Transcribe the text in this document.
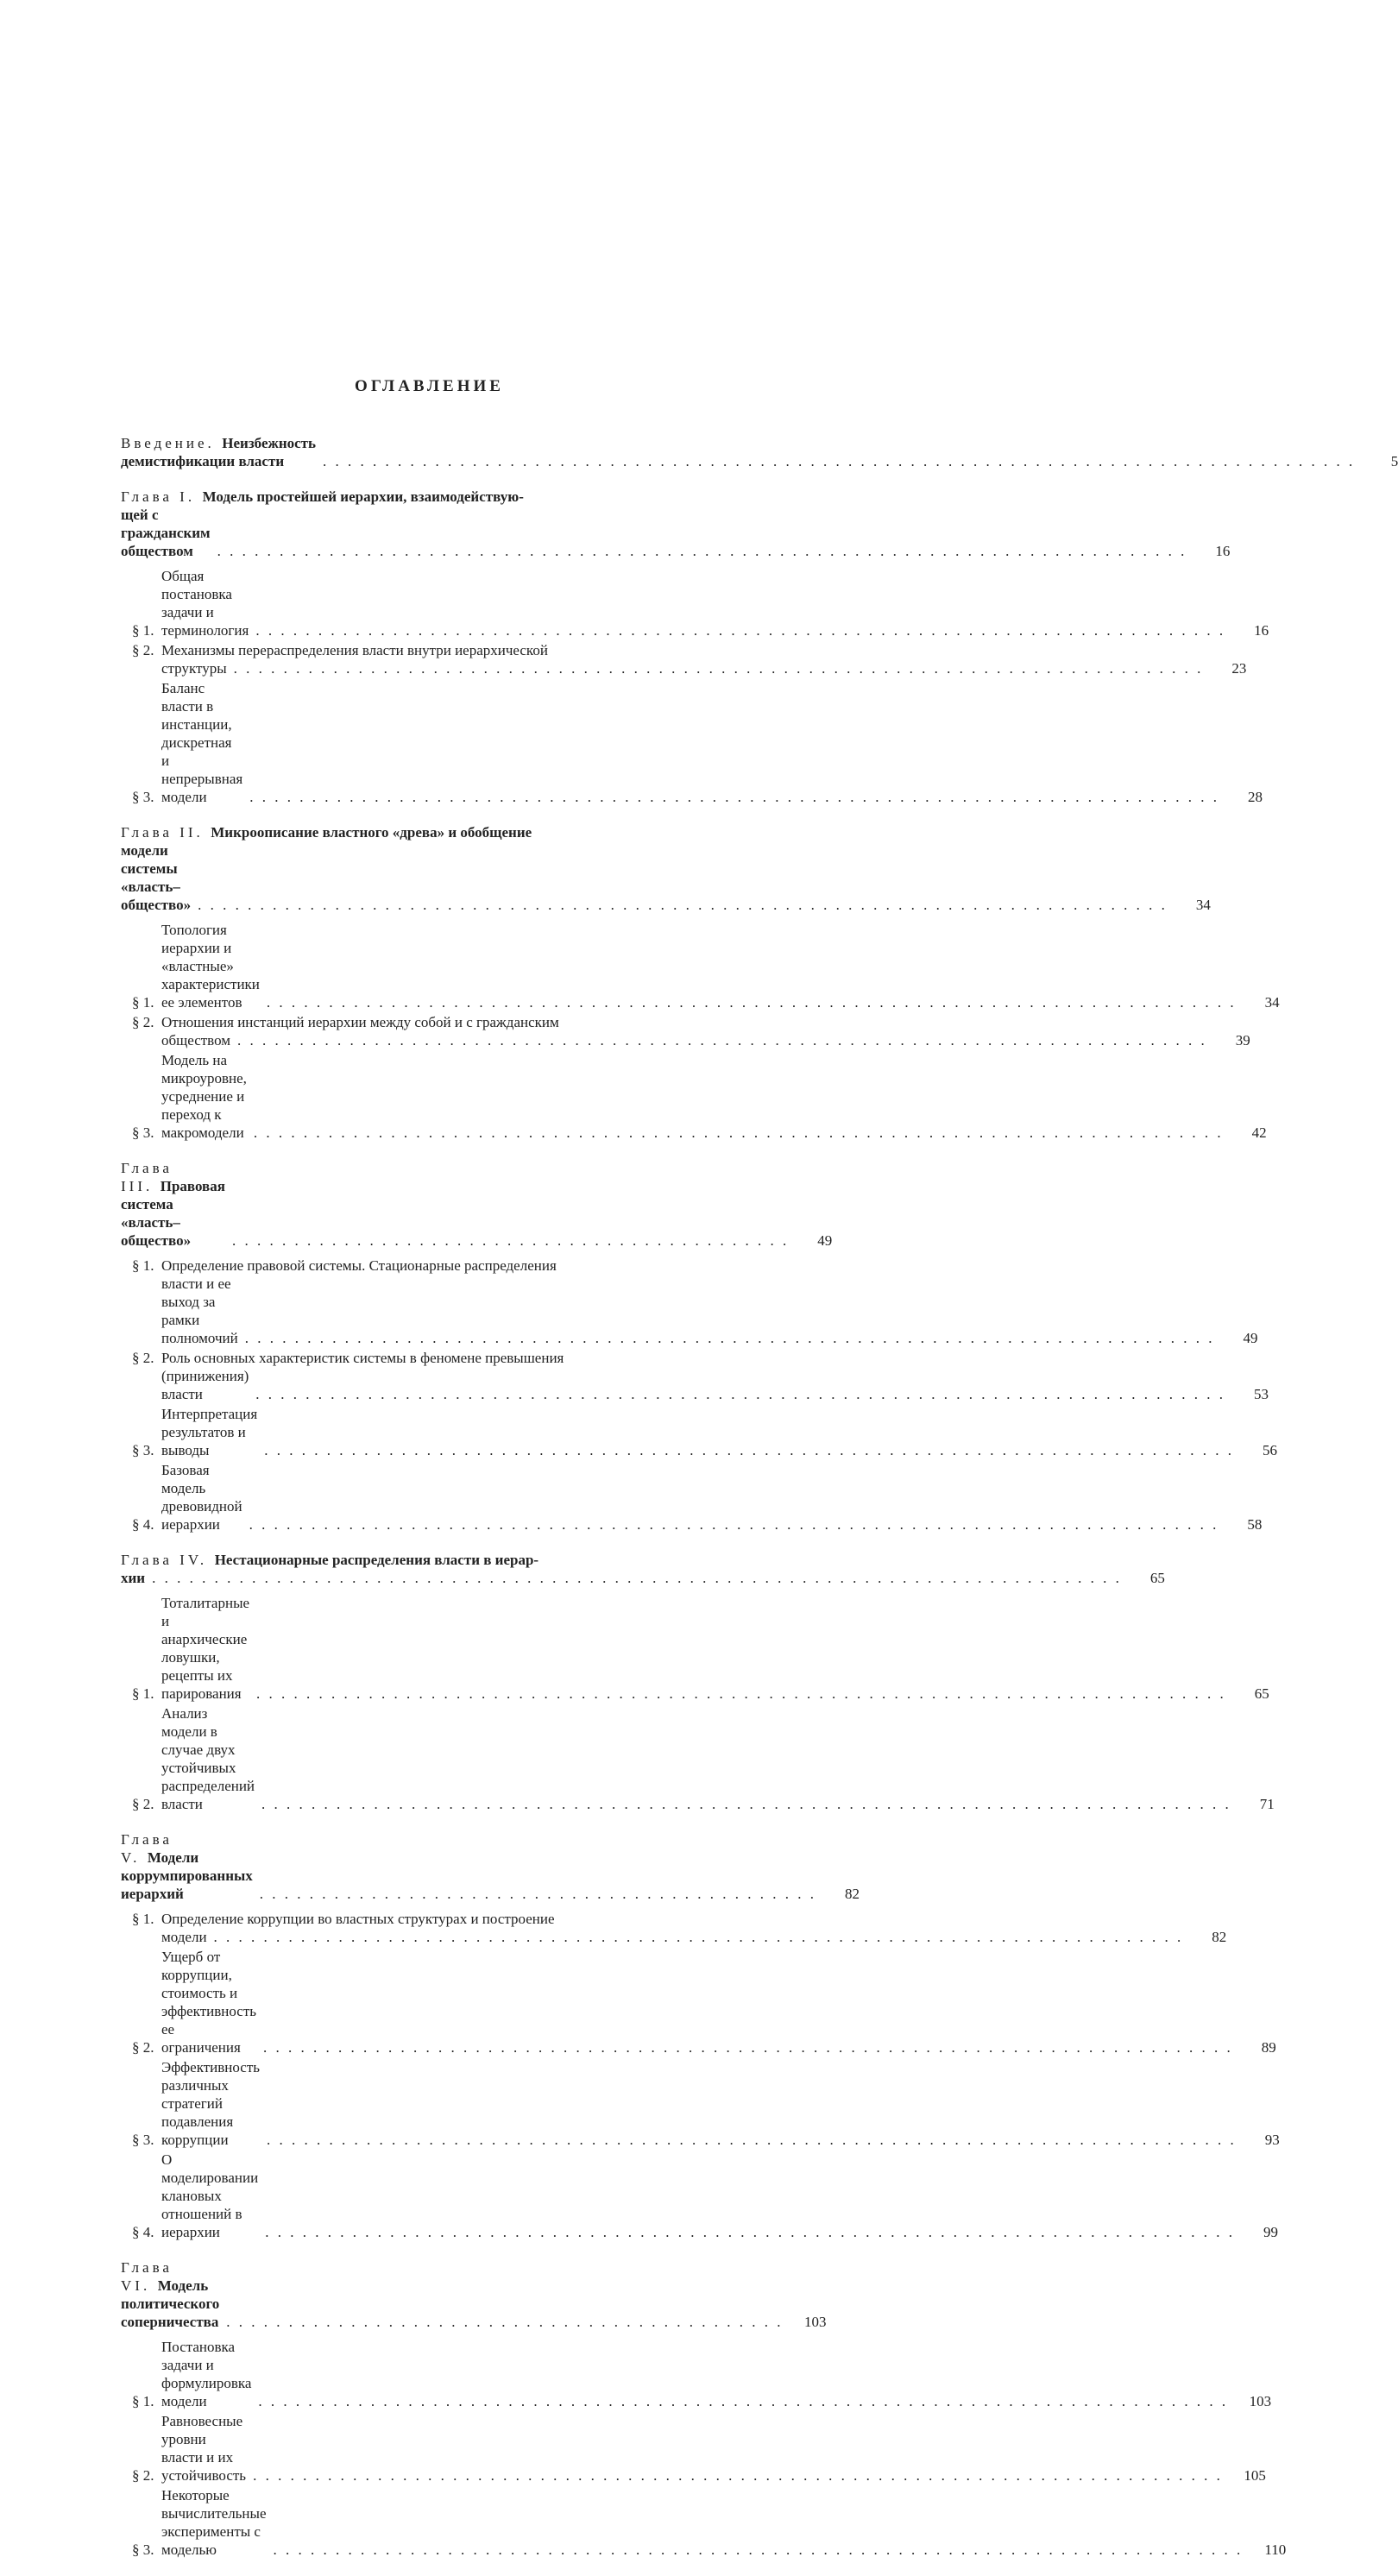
ОГЛАВЛЕНИЕ
Введение. Неизбежность демистификации власти . . .	5
Глава I. Модель простейшей иерархии, взаимодействую-
щей с гражданским обществом . . .	16
§ 1.
Общая постановка задачи и терминология . . .	16
§ 2. Механизмы перераспределения власти внутри иерархической
структуры . . .	23
§ 3.
Баланс власти в инстанции, дискретная и непрерывная модели . . .	28
Глава II. Микроописание властного «древа» и обобщение
модели системы «власть–общество» . . .	34
§ 1.
Топология иерархии и «властные» характеристики ее элементов . . .	34
§ 2. Отношения инстанций иерархии между собой и с гражданским
обществом . . .	39
§ 3.
Модель на микроуровне, усреднение и переход к макромодели . . .	42
Глава III. Правовая система «власть–общество»	. . . . . . . . . . . . . . . . . . . . . . . . . . . . . . . . . . . . . . . . . . . . .	49
§ 1. Определение правовой системы. Стационарные распределения
власти и ее выход за рамки полномочий . . .	49
§ 2. Роль основных характеристик системы в феномене превышения
(принижения) власти . . .	53
§ 3.
Интерпретация результатов и выводы . . .	56
§ 4.
Базовая модель древовидной иерархии . . .	58
Глава IV. Нестационарные распределения власти в иерар-
хии . . .	65
§ 1.
Тоталитарные и анархические ловушки, рецепты их парирования . . .	65
§ 2.
Анализ модели в случае двух устойчивых распределений власти . . .	71
Глава V. Модели коррумпированных иерархий	. . . . . . . . . . . . . . . . . . . . . . . . . . . . . . . . . . . . . . . . . . . . .	82
§ 1. Определение коррупции во властных структурах и построение
модели . . .	82
§ 2.
Ущерб от коррупции, стоимость и эффективность ее ограничения . . .	89
§ 3.
Эффективность различных стратегий подавления коррупции . . .	93
§ 4.
О моделировании клановых отношений в иерархии . . .	99
Глава VI. Модель политического соперничества . . . . . . . . . . . . . . . . . . . . . . . . . . . . . . . . . . . . . . . . . . . . .	103
§ 1.
Постановка задачи и формулировка модели . . .	103
§ 2.
Равновесные уровни власти и их устойчивость . . .	105
§ 3.
Некоторые вычислительные эксперименты с моделью . . .	110
